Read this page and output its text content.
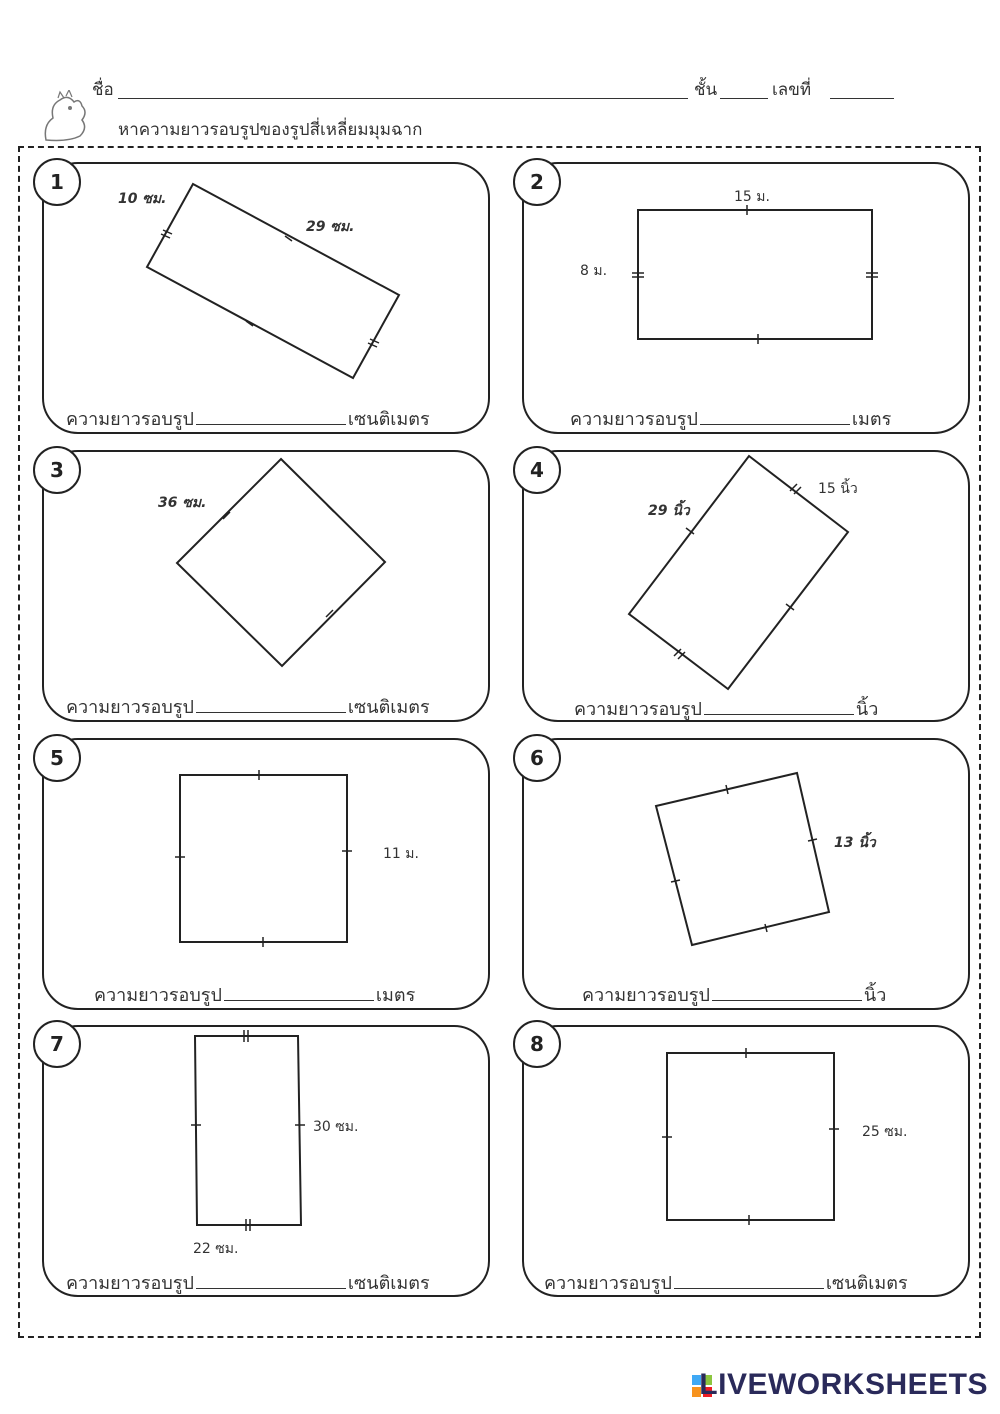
ชื่อ	ชั้น	เลขที่
หาความยาวรอบรูปของรูปสี่เหลี่ยมมุมฉาก
1
10 ซม.
29 ซม.
ความยาวรอบรูป	เซนติเมตร
2
15 ม.
8 ม.
ความยาวรอบรูป	เมตร
3
36 ซม.
ความยาวรอบรูป	เซนติเมตร
4
29 นิ้ว
15 นิ้ว
ความยาวรอบรูป	นิ้ว
5
11 ม.
ความยาวรอบรูป	เมตร
6
13 นิ้ว
ความยาวรอบรูป	นิ้ว
7
30 ซม.
22 ซม.
ความยาวรอบรูป	เซนติเมตร
8
25 ซม.
ความยาวรอบรูป	เซนติเมตร
LIVEWORKSHEETS
